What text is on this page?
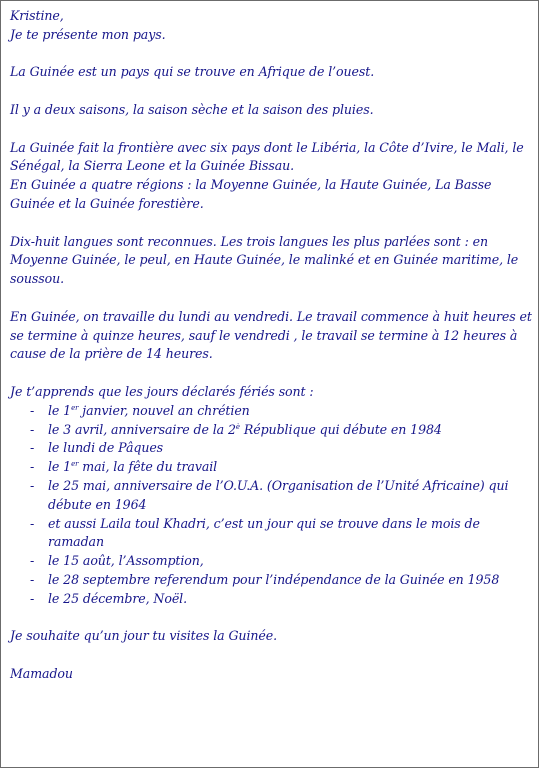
Kristine,

Je te présente mon pays.

La Guinée est un pays qui se trouve en Afrique de l’ouest.

Il y a deux saisons, la saison sèche et la saison des pluies.

La Guinée fait la frontière avec six pays dont le Libéria, la Côte d’Ivire, le Mali, le Sénégal, la Sierra Leone et la Guinée Bissau.

En Guinée a quatre régions : la Moyenne Guinée, la Haute Guinée, La Basse Guinée et la Guinée forestière.

Dix-huit langues sont reconnues. Les trois langues les plus parlées sont : en Moyenne Guinée, le peul, en Haute Guinée, le malinké et en Guinée maritime, le soussou.

En Guinée, on travaille du lundi au vendredi. Le travail commence à huit heures et se termine à quinze heures, sauf le vendredi , le travail se termine à 12 heures à cause de la prière de 14 heures.

Je t’apprends que les jours déclarés fériés sont :

- le 1er janvier, nouvel an chrétien
- le 3 avril, anniversaire de la $2^è$ République qui débute en 1984
- le lundi de Pâques
- le 1er mai, la fête du travail
- le 25 mai, anniversaire de l’O.U.A. (Organisation de l’Unité Africaine) qui débute en 1964
- et aussi Laila toul Khadri, c’est un jour qui se trouve dans le mois de ramadan
- le 15 août, l’Assomption,
- le 28 septembre referendum pour l’indépendance de la Guinée en 1958
- le 25 décembre, Noël.

Je souhaite qu’un jour tu visites la Guinée.

Mamadou
